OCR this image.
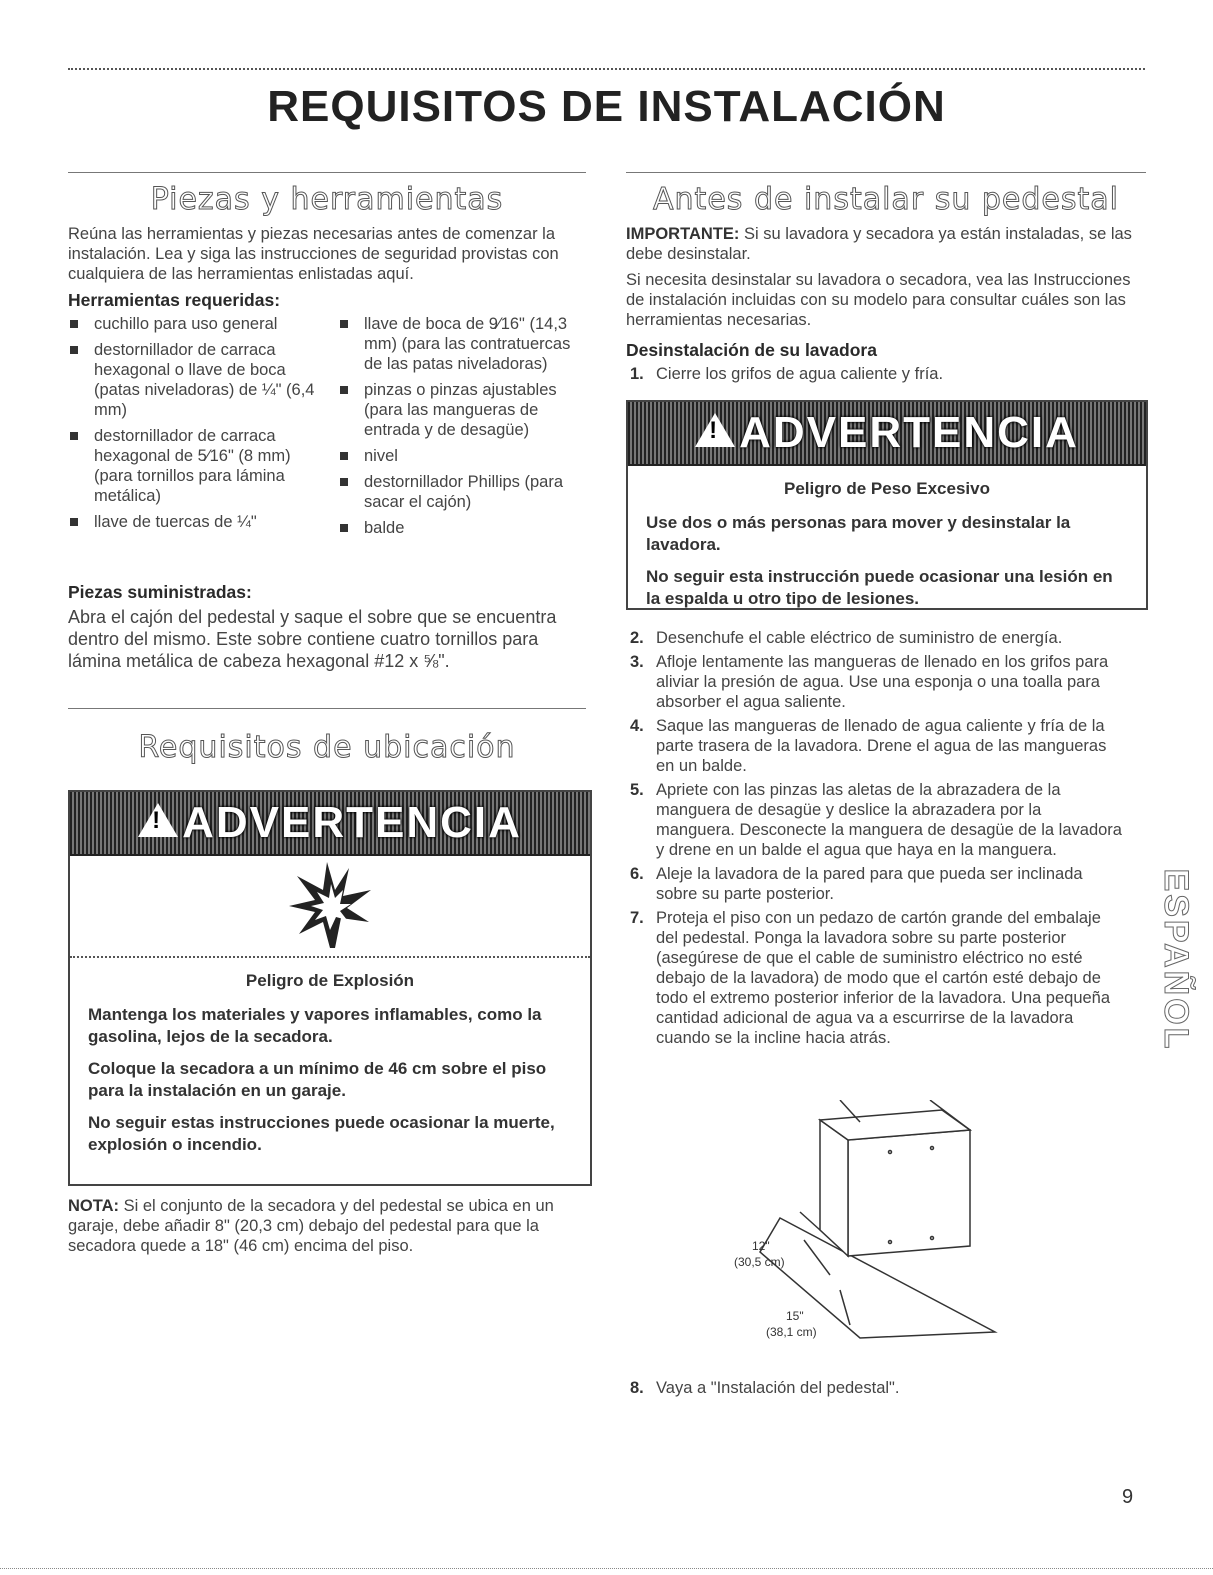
REQUISITOS DE INSTALACIÓN
Piezas y herramientas

Reúna las herramientas y piezas necesarias antes de comenzar la instalación. Lea y siga las instrucciones de seguridad provistas con cualquiera de las herramientas enlistadas aquí.

Herramientas requeridas:
cuchillo para uso general
destornillador de carraca hexagonal o llave de boca (patas niveladoras) de ¼" (6,4 mm)
destornillador de carraca hexagonal de 5⁄16" (8 mm) (para tornillos para lámina metálica)
llave de tuercas de ¼"
llave de boca de 9⁄16" (14,3 mm) (para las contratuercas de las patas niveladoras)
pinzas o pinzas ajustables (para las mangueras de entrada y de desagüe)
nivel
destornillador Phillips (para sacar el cajón)
balde
Piezas suministradas:

Abra el cajón del pedestal y saque el sobre que se encuentra dentro del mismo. Este sobre contiene cuatro tornillos para lámina metálica de cabeza hexagonal #12 x ⅝".

Requisitos de ubicación
! ADVERTENCIA
Peligro de Explosión

Mantenga los materiales y vapores inflamables, como la gasolina, lejos de la secadora.

Coloque la secadora a un mínimo de 46 cm sobre el piso para la instalación en un garaje.

No seguir estas instrucciones puede ocasionar la muerte, explosión o incendio.

NOTA: Si el conjunto de la secadora y del pedestal se ubica en un garaje, debe añadir 8" (20,3 cm) debajo del pedestal para que la secadora quede a 18" (46 cm) encima del piso.

Antes de instalar su pedestal

IMPORTANTE: Si su lavadora y secadora ya están instaladas, se las debe desinstalar.

Si necesita desinstalar su lavadora o secadora, vea las Instrucciones de instalación incluidas con su modelo para consultar cuáles son las herramientas necesarias.

Desinstalación de su lavadora
1. Cierre los grifos de agua caliente y fría.
! ADVERTENCIA
Peligro de Peso Excesivo

Use dos o más personas para mover y desinstalar la lavadora.

No seguir esta instrucción puede ocasionar una lesión en la espalda u otro tipo de lesiones.

2. Desenchufe el cable eléctrico de suministro de energía.
3. Afloje lentamente las mangueras de llenado en los grifos para aliviar la presión de agua. Use una esponja o una toalla para absorber el agua saliente.
4. Saque las mangueras de llenado de agua caliente y fría de la parte trasera de la lavadora. Drene el agua de las mangueras en un balde.
5. Apriete con las pinzas las aletas de la abrazadera de la manguera de desagüe y deslice la abrazadera por la manguera. Desconecte la manguera de desagüe de la lavadora y drene en un balde el agua que haya en la manguera.
6. Aleje la lavadora de la pared para que pueda ser inclinada sobre su parte posterior.
7. Proteja el piso con un pedazo de cartón grande del embalaje del pedestal. Ponga la lavadora sobre su parte posterior (asegúrese de que el cable de suministro eléctrico no esté debajo de la lavadora) de modo que el cartón esté debajo de todo el extremo posterior inferior de la lavadora. Una pequeña cantidad adicional de agua va a escurrirse de la lavadora cuando se la incline hacia atrás.
12"
(30,5 cm)
15"
(38,1 cm)
8. Vaya a "Instalación del pedestal".
ESPAÑOL
9
